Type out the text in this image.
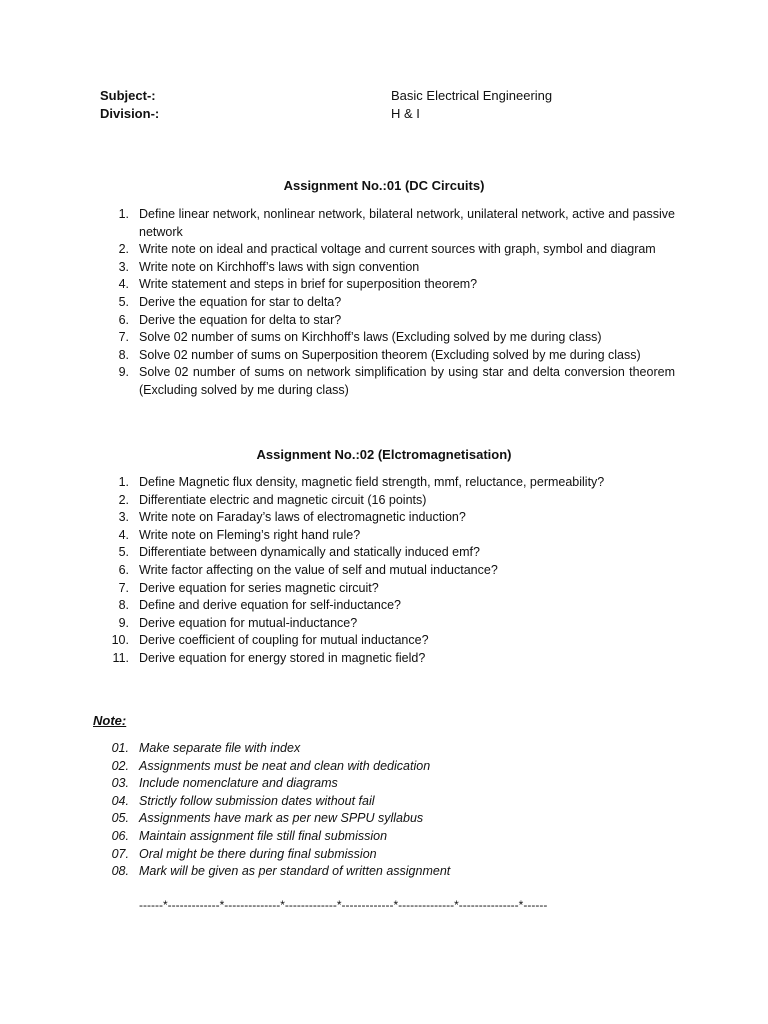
Subject-:	Basic Electrical Engineering
Division-:	H & I
Assignment No.:01 (DC Circuits)
1. Define linear network, nonlinear network, bilateral network, unilateral network, active and passive network
2. Write note on ideal and practical voltage and current sources with graph, symbol and diagram
3. Write note on Kirchhoff’s laws with sign convention
4. Write statement and steps in brief for superposition theorem?
5. Derive the equation for star to delta?
6. Derive the equation for delta to star?
7. Solve 02 number of sums on Kirchhoff’s laws (Excluding solved by me during class)
8. Solve 02 number of sums on Superposition theorem (Excluding solved by me during class)
9. Solve 02 number of sums on network simplification by using star and delta conversion theorem (Excluding solved by me during class)
Assignment No.:02 (Elctromagnetisation)
1. Define Magnetic flux density, magnetic field strength, mmf, reluctance, permeability?
2. Differentiate electric and magnetic circuit (16 points)
3. Write note on Faraday’s laws of electromagnetic induction?
4. Write note on Fleming’s right hand rule?
5. Differentiate between dynamically and statically induced emf?
6. Write factor affecting on the value of self and mutual inductance?
7. Derive equation for series magnetic circuit?
8. Define and derive equation for self-inductance?
9. Derive equation for mutual-inductance?
10. Derive coefficient of coupling for mutual inductance?
11. Derive equation for energy stored in magnetic field?
Note:
01. Make separate file with index
02. Assignments must be neat and clean with dedication
03. Include nomenclature and diagrams
04. Strictly follow submission dates without fail
05. Assignments have mark as per new SPPU syllabus
06. Maintain assignment file still final submission
07. Oral might be there during final submission
08. Mark will be given as per standard of written assignment
------*-------------*--------------*-------------*-------------*--------------*---------------*------
